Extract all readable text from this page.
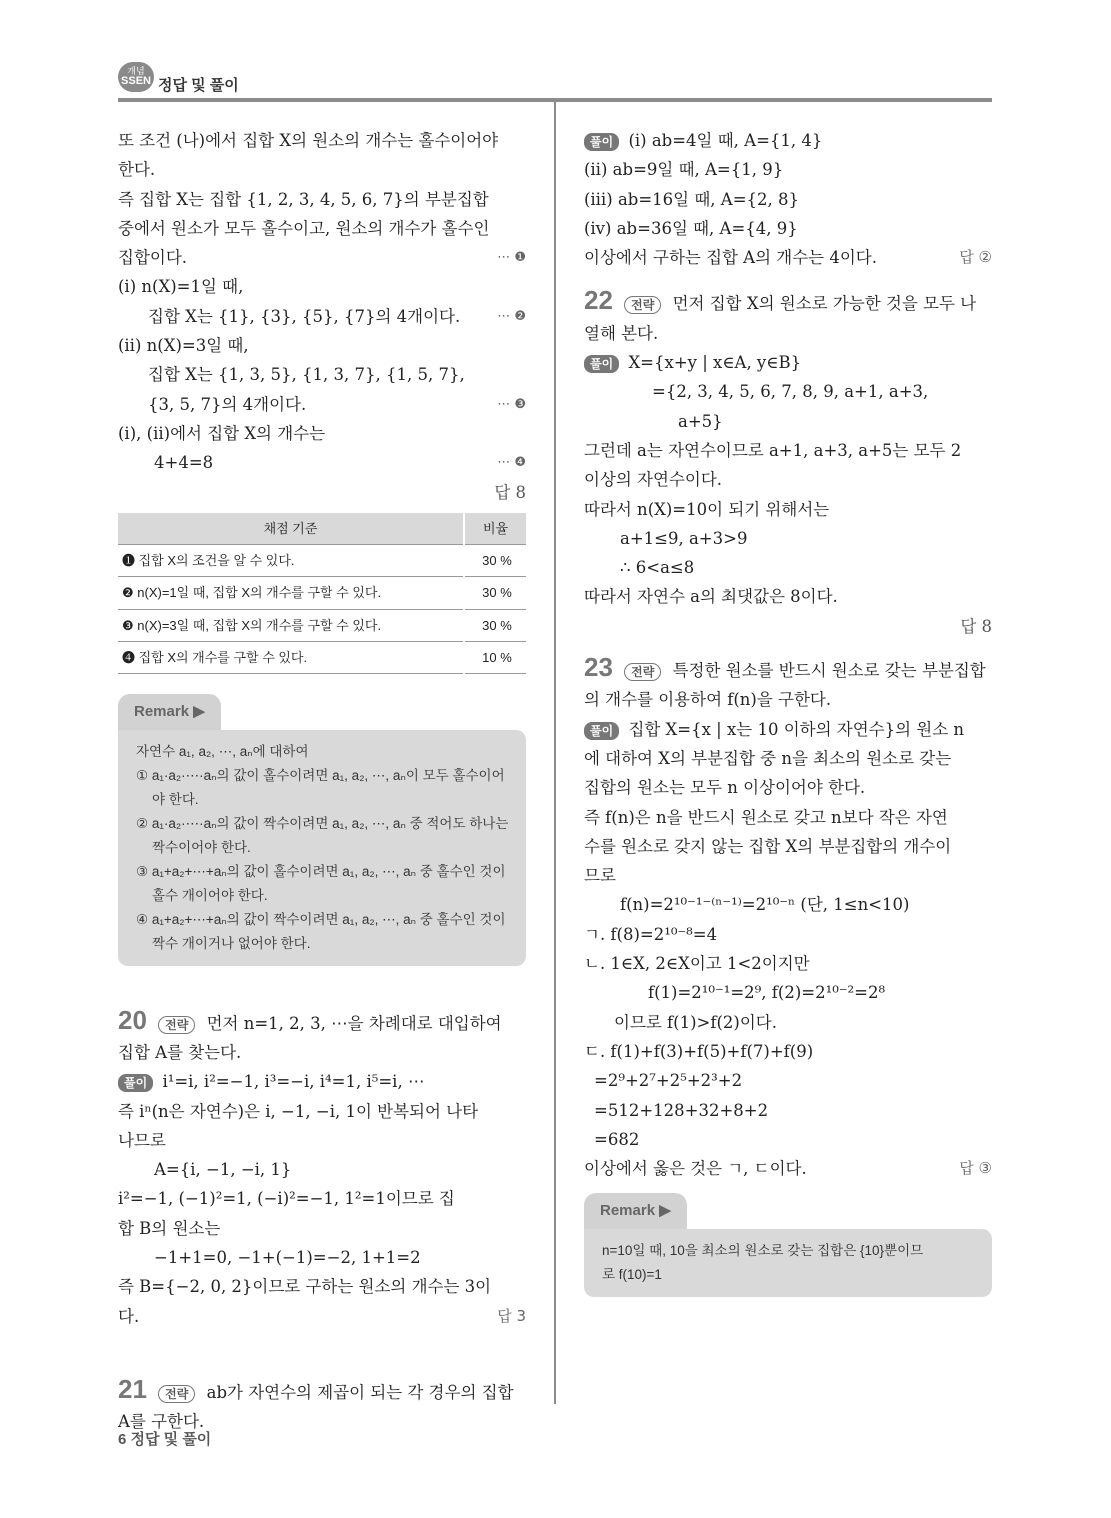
개념
SSEN 정답 및 풀이
또 조건 (나)에서 집합 X의 원소의 개수는 홀수이어야
한다.
즉 집합 X는 집합 {1, 2, 3, 4, 5, 6, 7}의 부분집합
중에서 원소가 모두 홀수이고, 원소의 개수가 홀수인
집합이다.	⋯ ❶
(ⅰ) n(X)=1일 때,
집합 X는 {1}, {3}, {5}, {7}의 4개이다.	⋯ ❷
(ⅱ) n(X)=3일 때,
집합 X는 {1, 3, 5}, {1, 3, 7}, {1, 5, 7},
{3, 5, 7}의 4개이다.	⋯ ❸
(ⅰ), (ⅱ)에서 집합 X의 개수는
4+4=8	⋯ ❹
답 8
채점 기준	비율
❶ 집합 X의 조건을 알 수 있다.	30 %
❷ n(X)=1일 때, 집합 X의 개수를 구할 수 있다.	30 %
❸ n(X)=3일 때, 집합 X의 개수를 구할 수 있다.	30 %
❹ 집합 X의 개수를 구할 수 있다.	10 %
Remark ▶
자연수 a₁, a₂, ⋯, aₙ에 대하여
① a₁·a₂·⋯·aₙ의 값이 홀수이려면 a₁, a₂, ⋯, aₙ이 모두 홀수이어야 한다.
② a₁·a₂·⋯·aₙ의 값이 짝수이려면 a₁, a₂, ⋯, aₙ 중 적어도 하나는 짝수이어야 한다.
③ a₁+a₂+⋯+aₙ의 값이 홀수이려면 a₁, a₂, ⋯, aₙ 중 홀수인 것이 홀수 개이어야 한다.
④ a₁+a₂+⋯+aₙ의 값이 짝수이려면 a₁, a₂, ⋯, aₙ 중 홀수인 것이 짝수 개이거나 없어야 한다.
20 전략 먼저 n=1, 2, 3, ⋯을 차례대로 대입하여
집합 A를 찾는다.
풀이 i¹=i, i²=−1, i³=−i, i⁴=1, i⁵=i, ⋯
즉 iⁿ(n은 자연수)은 i, −1, −i, 1이 반복되어 나타
나므로
A={i, −1, −i, 1}
i²=−1, (−1)²=1, (−i)²=−1, 1²=1이므로 집
합 B의 원소는
−1+1=0, −1+(−1)=−2, 1+1=2
즉 B={−2, 0, 2}이므로 구하는 원소의 개수는 3이
다.	답 3
21 전략 ab가 자연수의 제곱이 되는 각 경우의 집합
A를 구한다.
풀이 (ⅰ) ab=4일 때, A={1, 4}
(ⅱ) ab=9일 때, A={1, 9}
(ⅲ) ab=16일 때, A={2, 8}
(ⅳ) ab=36일 때, A={4, 9}
이상에서 구하는 집합 A의 개수는 4이다.	답 ②
22 전략 먼저 집합 X의 원소로 가능한 것을 모두 나
열해 본다.
풀이 X={x+y | x∈A, y∈B}
={2, 3, 4, 5, 6, 7, 8, 9, a+1, a+3,
a+5}
그런데 a는 자연수이므로 a+1, a+3, a+5는 모두 2
이상의 자연수이다.
따라서 n(X)=10이 되기 위해서는
a+1≤9, a+3>9
∴ 6<a≤8
따라서 자연수 a의 최댓값은 8이다.
답 8
23 전략 특정한 원소를 반드시 원소로 갖는 부분집합
의 개수를 이용하여 f(n)을 구한다.
풀이 집합 X={x | x는 10 이하의 자연수}의 원소 n
에 대하여 X의 부분집합 중 n을 최소의 원소로 갖는
집합의 원소는 모두 n 이상이어야 한다.
즉 f(n)은 n을 반드시 원소로 갖고 n보다 작은 자연
수를 원소로 갖지 않는 집합 X의 부분집합의 개수이
므로
f(n)=2¹⁰⁻¹⁻⁽ⁿ⁻¹⁾=2¹⁰⁻ⁿ (단, 1≤n<10)
ㄱ. f(8)=2¹⁰⁻⁸=4
ㄴ. 1∈X, 2∈X이고 1<2이지만
f(1)=2¹⁰⁻¹=2⁹, f(2)=2¹⁰⁻²=2⁸
이므로 f(1)>f(2)이다.
ㄷ. f(1)+f(3)+f(5)+f(7)+f(9)
=2⁹+2⁷+2⁵+2³+2
=512+128+32+8+2
=682
이상에서 옳은 것은 ㄱ, ㄷ이다.	답 ③
Remark ▶
n=10일 때, 10을 최소의 원소로 갖는 집합은 {10}뿐이므
로 f(10)=1
6 정답 및 풀이
